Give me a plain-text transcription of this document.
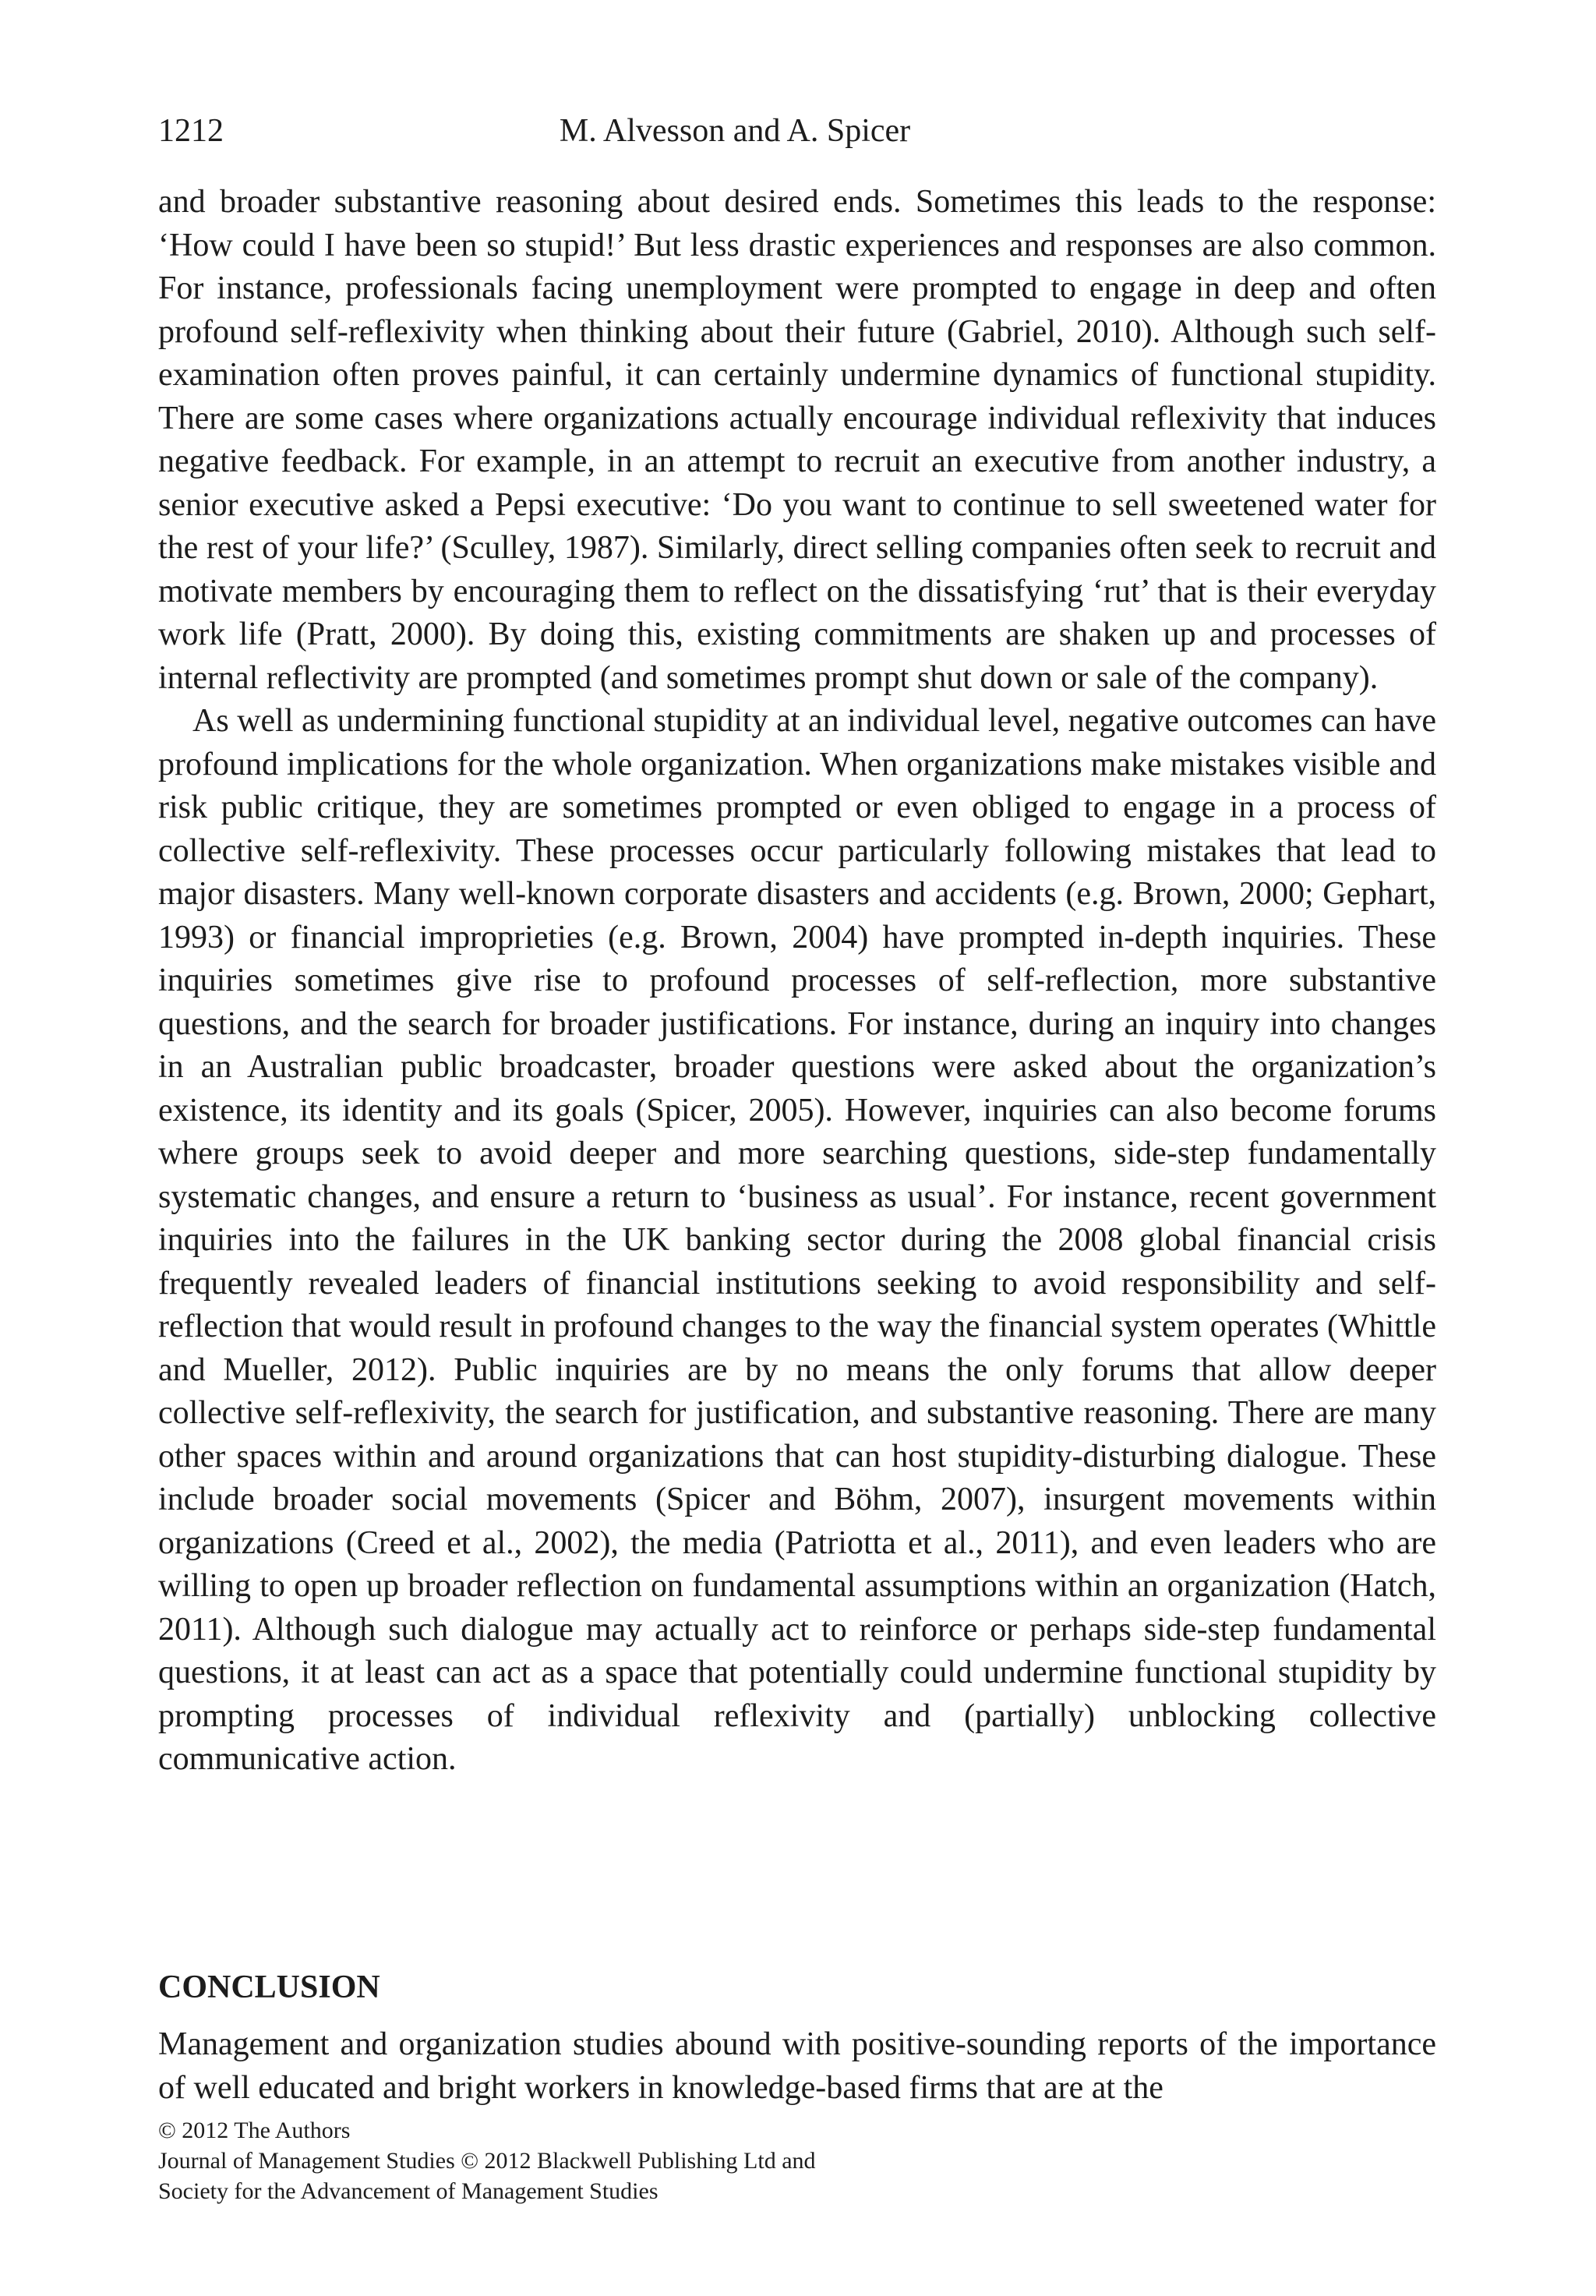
1212	M. Alvesson and A. Spicer

and broader substantive reasoning about desired ends. Sometimes this leads to the response: ‘How could I have been so stupid!’ But less drastic experiences and responses are also common. For instance, professionals facing unemployment were prompted to engage in deep and often profound self-reflexivity when thinking about their future (Gabriel, 2010). Although such self-examination often proves painful, it can certainly undermine dynamics of functional stupidity. There are some cases where organizations actually encourage individual reflexivity that induces negative feedback. For example, in an attempt to recruit an executive from another industry, a senior executive asked a Pepsi executive: ‘Do you want to continue to sell sweetened water for the rest of your life?’ (Sculley, 1987). Similarly, direct selling companies often seek to recruit and motivate members by encouraging them to reflect on the dissatisfying ‘rut’ that is their everyday work life (Pratt, 2000). By doing this, existing commitments are shaken up and processes of internal reflectivity are prompted (and sometimes prompt shut down or sale of the company).

As well as undermining functional stupidity at an individual level, negative outcomes can have profound implications for the whole organization. When organizations make mistakes visible and risk public critique, they are sometimes prompted or even obliged to engage in a process of collective self-reflexivity. These processes occur particularly following mistakes that lead to major disasters. Many well-known corporate disasters and accidents (e.g. Brown, 2000; Gephart, 1993) or financial improprieties (e.g. Brown, 2004) have prompted in-depth inquiries. These inquiries sometimes give rise to profound processes of self-reflection, more substantive questions, and the search for broader justifications. For instance, during an inquiry into changes in an Australian public broadcaster, broader questions were asked about the organization’s existence, its identity and its goals (Spicer, 2005). However, inquiries can also become forums where groups seek to avoid deeper and more searching questions, side-step fundamentally systematic changes, and ensure a return to ‘business as usual’. For instance, recent government inquiries into the failures in the UK banking sector during the 2008 global financial crisis frequently revealed leaders of financial institutions seeking to avoid responsibility and self-reflection that would result in profound changes to the way the financial system operates (Whittle and Mueller, 2012). Public inquiries are by no means the only forums that allow deeper collective self-reflexivity, the search for justification, and substantive reasoning. There are many other spaces within and around organizations that can host stupidity-disturbing dialogue. These include broader social movements (Spicer and Böhm, 2007), insurgent movements within organizations (Creed et al., 2002), the media (Patriotta et al., 2011), and even leaders who are willing to open up broader reflection on fundamental assumptions within an organization (Hatch, 2011). Although such dialogue may actually act to reinforce or perhaps side-step fundamental questions, it at least can act as a space that potentially could undermine functional stupidity by prompting processes of individual reflexivity and (partially) unblocking collective communicative action.

CONCLUSION

Management and organization studies abound with positive-sounding reports of the importance of well educated and bright workers in knowledge-based firms that are at the

© 2012 The Authors
Journal of Management Studies © 2012 Blackwell Publishing Ltd and
Society for the Advancement of Management Studies
